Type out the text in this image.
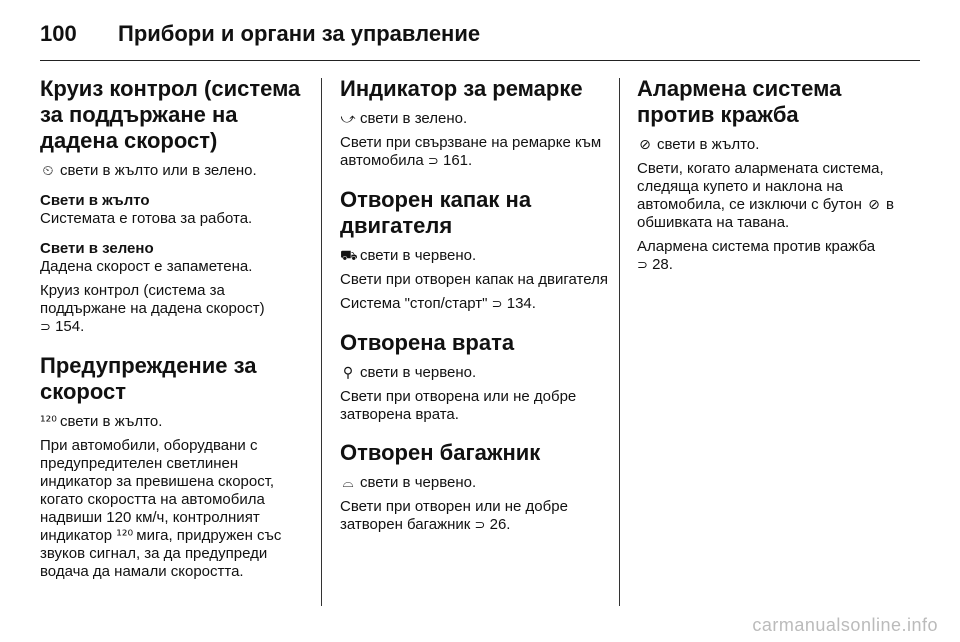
100	Прибори и органи за управление
Круиз контрол (система за поддържане на дадена скорост)

⏲ свети в жълто или в зелено.

Свети в жълто

Системата е готова за работа.

Свети в зелено

Дадена скорост е запаметена.

Круиз контрол (система за поддържане на дадена скорост)
⊃ 154.

Предупреждение за скорост

¹²⁰ свети в жълто.

При автомобили, оборудвани с предупредителен светлинен индикатор за превишена скорост, когато скоростта на автомобила надвиши 120 км/ч, контролният индикатор ¹²⁰ мига, придружен със звуков сигнал, за да предупреди водача да намали скоростта.

Индикатор за ремарке

⤻ свети в зелено.

Свети при свързване на ремарке към автомобила ⊃ 161.

Отворен капак на двигателя

⛟ свети в червено.

Свети при отворен капак на двигателя

Система "стоп/старт" ⊃ 134.

Отворена врата

⚲ свети в червено.

Свети при отворена или не добре затворена врата.

Отворен багажник

⌓ свети в червено.

Свети при отворен или не добре затворен багажник ⊃ 26.

Алармена система против кражба

⊘ свети в жълто.

Свети, когато алармената система, следяща купето и наклона на автомобила, се изключи с бутон ⊘ в обшивката на тавана.

Алармена система против кражба
⊃ 28.

carmanualsonline.info
